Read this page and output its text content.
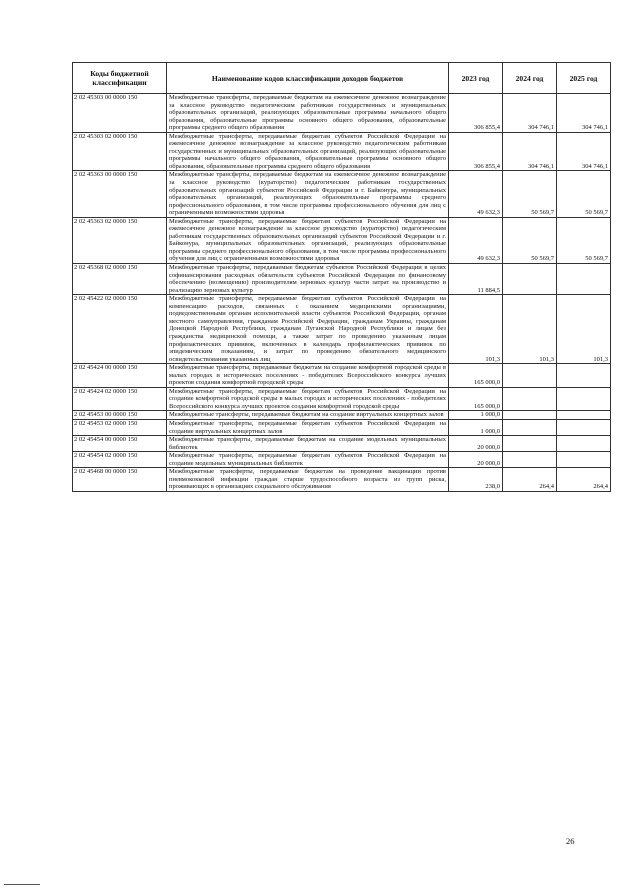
Коды бюджетной классификации	Наименование кодов классификации доходов бюджетов	2023 год	2024 год	2025 год
2 02 45303 00 0000 150	Межбюджетные трансферты, передаваемые бюджетам на ежемесячное денежное вознаграждение за классное руководство педагогическим работникам государственных и муниципальных образовательных организаций, реализующих образовательные программы начального общего образования, образовательные программы основного общего образования, образовательные программы среднего общего образования	306 855,4	304 746,1	304 746,1
2 02 45303 02 0000 150	Межбюджетные трансферты, передаваемые бюджетам субъектов Российской Федерации на ежемесячное денежное вознаграждение за классное руководство педагогическим работникам государственных и муниципальных образовательных организаций, реализующих образовательные программы начального общего образования, образовательные программы основного общего образования, образовательные программы среднего общего образования	306 855,4	304 746,1	304 746,1
2 02 45363 00 0000 150	Межбюджетные трансферты, передаваемые бюджетам на ежемесячное денежное вознаграждение за классное руководство (кураторство) педагогическим работникам государственных образовательных организаций субъектов Российской Федерации и г. Байконура, муниципальных образовательных организаций, реализующих образовательные программы среднего профессионального образования, в том числе программы профессионального обучения для лиц с ограниченными возможностями здоровья	49 632,3	50 569,7	50 569,7
2 02 45363 02 0000 150	Межбюджетные трансферты, передаваемые бюджетам субъектов Российской Федерации на ежемесячное денежное вознаграждение за классное руководство (кураторство) педагогическим работникам государственных образовательных организаций субъектов Российской Федерации и г. Байконура, муниципальных образовательных организаций, реализующих образовательные программы среднего профессионального образования, в том числе программы профессионального обучения для лиц с ограниченными возможностями здоровья	49 632,3	50 569,7	50 569,7
2 02 45368 02 0000 150	Межбюджетные трансферты, передаваемые бюджетам субъектов Российской Федерации в целях софинансирования расходных обязательств субъектов Российской Федерации по финансовому обеспечению (возмещению) производителям зерновых культур части затрат на производство и реализацию зерновых культур	11 884,5		
2 02 45422 02 0000 150	Межбюджетные трансферты, передаваемые бюджетам субъектов Российской Федерации на компенсацию расходов, связанных с оказанием медицинскими организациями, подведомственными органам исполнительной власти субъектов Российской Федерации, органам местного самоуправления, гражданам Российской Федерации, гражданам Украины, гражданам Донецкой Народной Республики, гражданам Луганской Народной Республики и лицам без гражданства медицинской помощи, а также затрат по проведению указанным лицам профилактических прививок, включенных в календарь профилактических прививок по эпидемическим показаниям, и затрат по проведению обязательного медицинского освидетельствования указанных лиц	101,3	101,3	101,3
2 02 45424 00 0000 150	Межбюджетные трансферты, передаваемые бюджетам на создание комфортной городской среды в малых городах и исторических поселениях - победителях Всероссийского конкурса лучших проектов создания комфортной городской среды	165 000,0		
2 02 45424 02 0000 150	Межбюджетные трансферты, передаваемые бюджетам субъектов Российской Федерации на создание комфортной городской среды в малых городах и исторических поселениях - победителях Всероссийского конкурса лучших проектов создания комфортной городской среды	165 000,0		
2 02 45453 00 0000 150	Межбюджетные трансферты, передаваемые бюджетам на создание виртуальных концертных залов	1 000,0		
2 02 45453 02 0000 150	Межбюджетные трансферты, передаваемые бюджетам субъектов Российской Федерации на создание виртуальных концертных залов	1 000,0		
2 02 45454 00 0000 150	Межбюджетные трансферты, передаваемые бюджетам на создание модельных муниципальных библиотек	20 000,0		
2 02 45454 02 0000 150	Межбюджетные трансферты, передаваемые бюджетам субъектов Российской Федерации на создание модельных муниципальных библиотек	20 000,0		
2 02 45468 00 0000 150	Межбюджетные трансферты, передаваемые бюджетам на проведение вакцинации против пневмококковой инфекции граждан старше трудоспособного возраста из групп риска, проживающих в организациях социального обслуживания	238,0	264,4	264,4
26
